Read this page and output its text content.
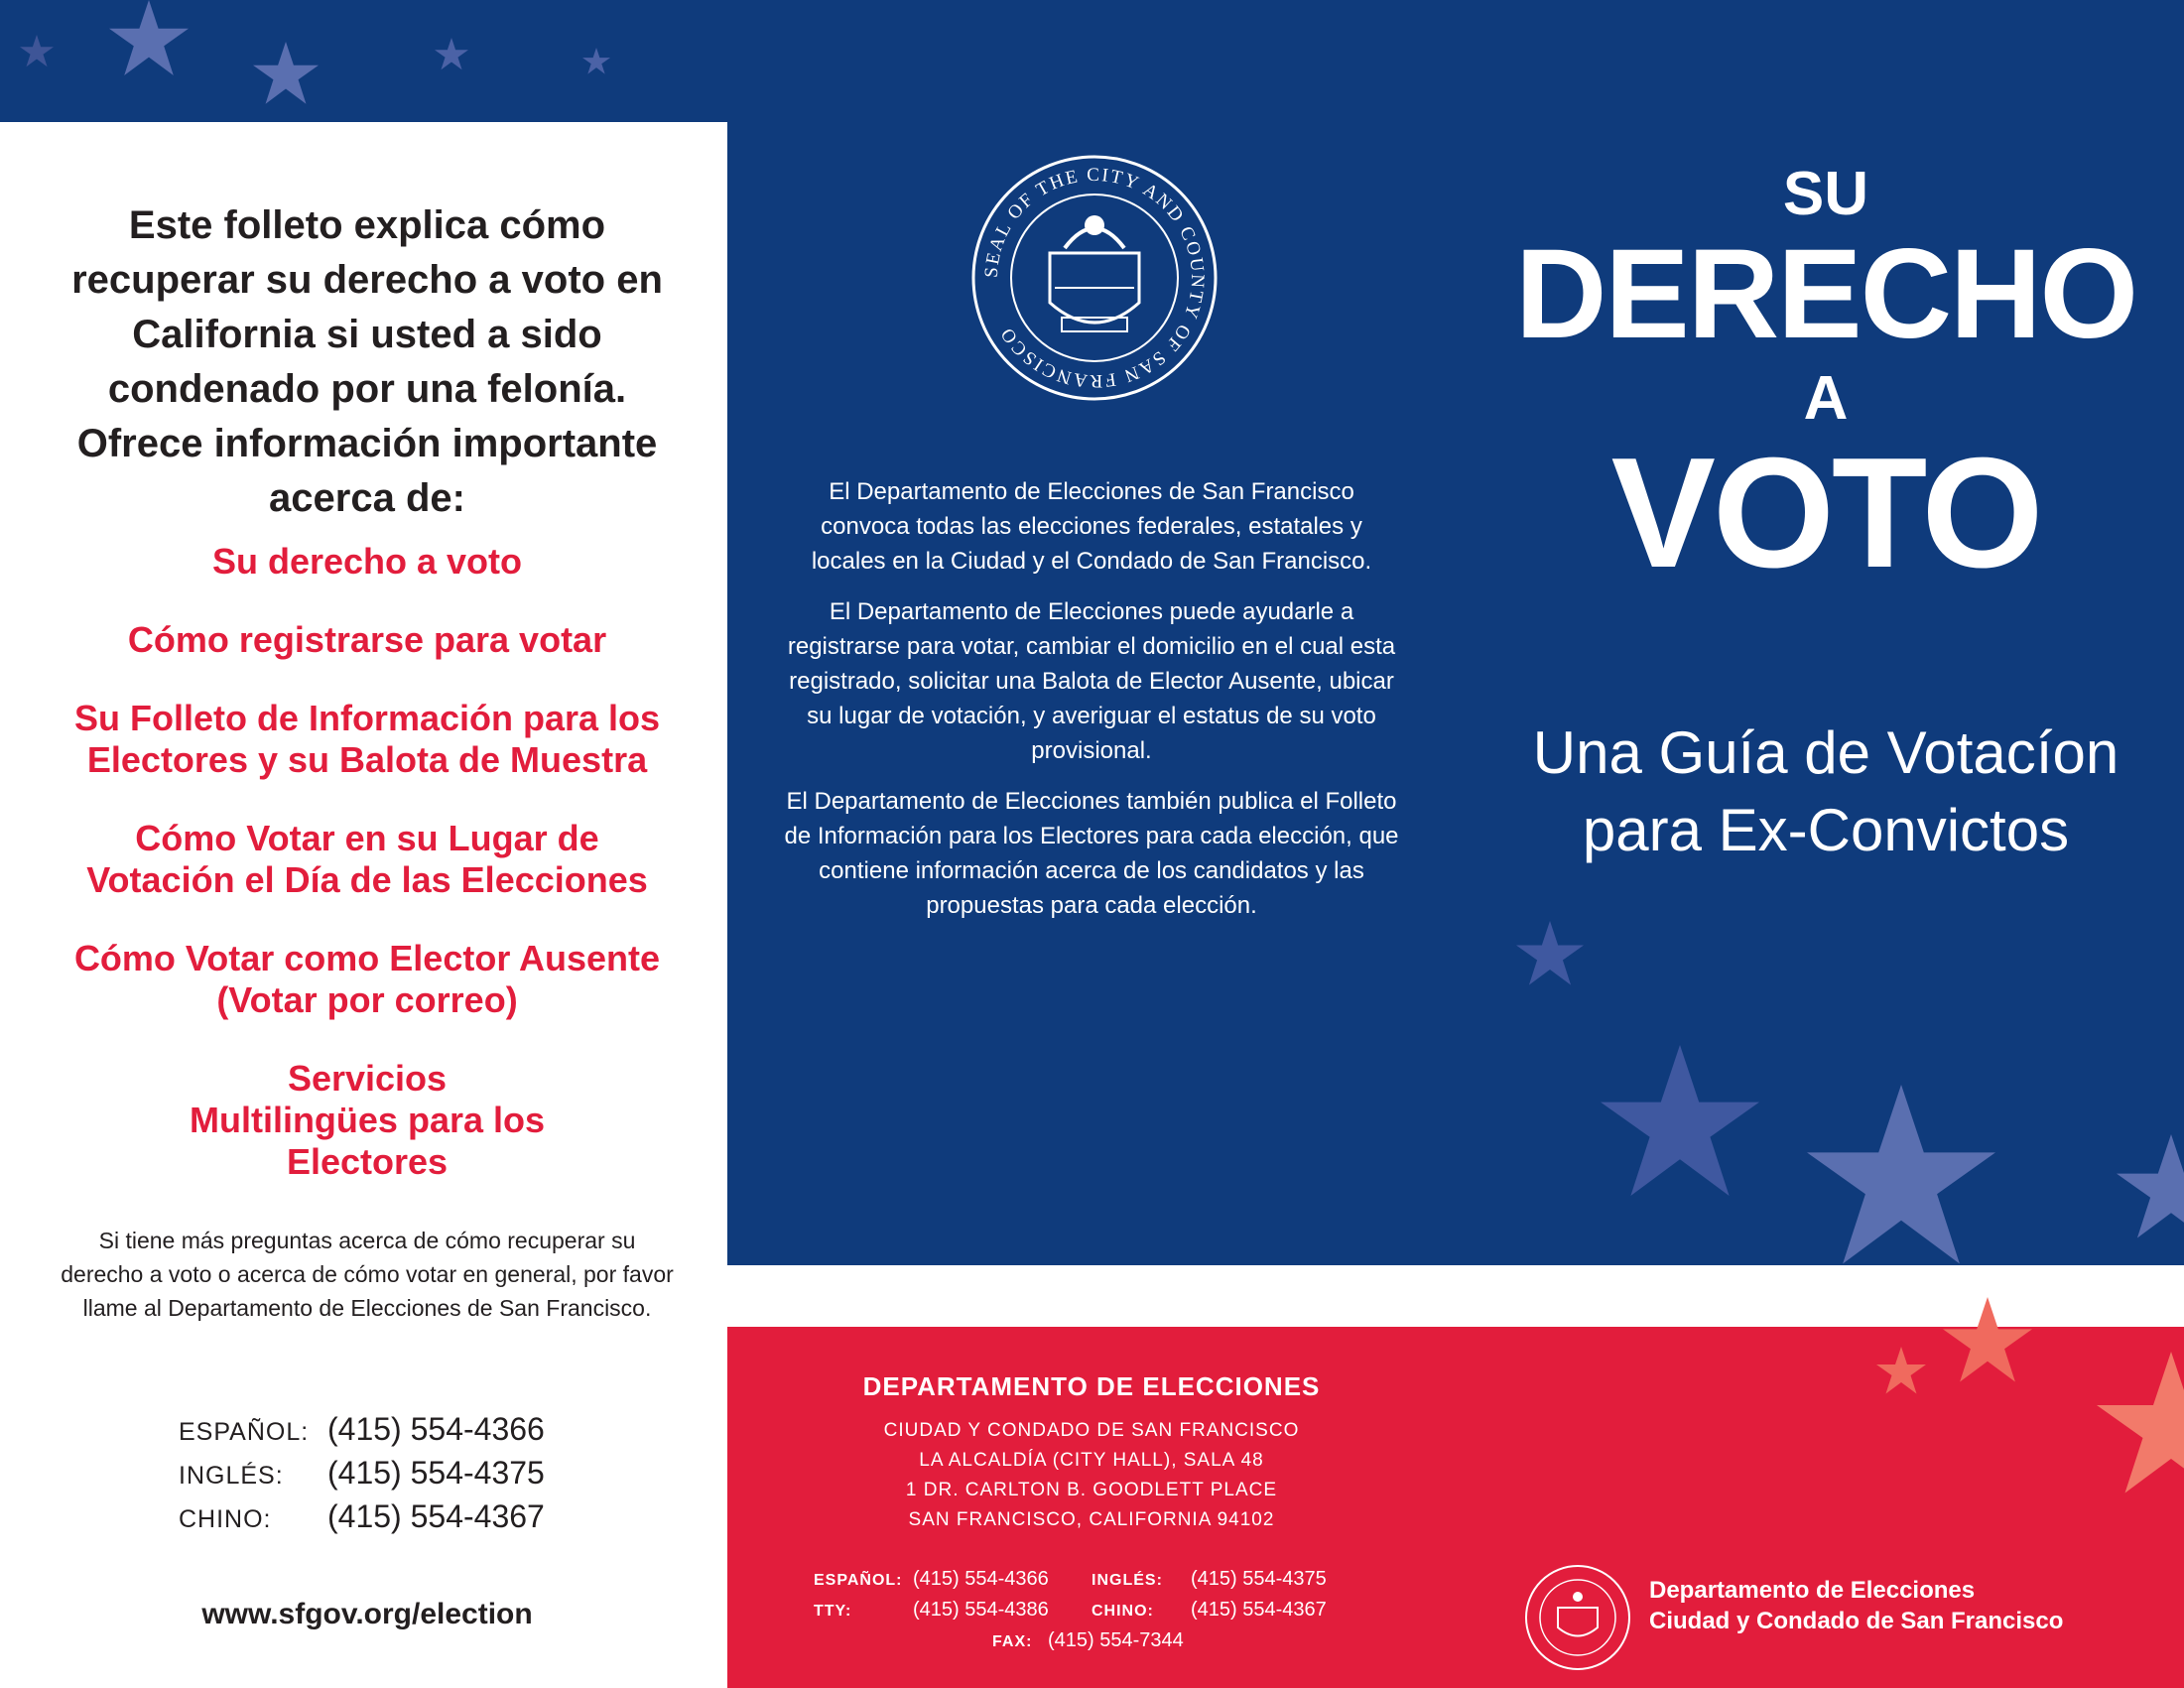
Este folleto explica cómo recuperar su derecho a voto en California si usted a sido condenado por una felonía. Ofrece información importante acerca de:
Su derecho a voto
Cómo registrarse para votar
Su Folleto de Información para los Electores y su Balota de Muestra
Cómo Votar en su Lugar de Votación el Día de las Elecciones
Cómo Votar como Elector Ausente (Votar por correo)
Servicios Multilingües para los Electores
Si tiene más preguntas acerca de cómo recuperar su derecho a voto o acerca de cómo votar en general, por favor llame al Departamento de Elecciones de San Francisco.
ESPAÑOL: (415) 554-4366
INGLÉS:	(415) 554-4375
CHINO:	(415) 554-4367
www.sfgov.org/election
SEAL OF THE CITY AND COUNTY OF SAN FRANCISCO

El Departamento de Elecciones de San Francisco convoca todas las elecciones federales, estatales y locales en la Ciudad y el Condado de San Francisco.

El Departamento de Elecciones puede ayudarle a registrarse para votar, cambiar el domicilio en el cual esta registrado, solicitar una Balota de Elector Ausente, ubicar su lugar de votación, y averiguar el estatus de su voto provisional.

El Departamento de Elecciones también publica el Folleto de Información para los Electores para cada elección, que contiene información acerca de los candidatos y las propuestas para cada elección.

SU
DERECHO
A
VOTO
Una Guía de Votacíon
para Ex-Convictos
DEPARTAMENTO DE ELECCIONES
CIUDAD Y CONDADO DE SAN FRANCISCO
LA ALCALDÍA (CITY HALL), SALA 48
1 DR. CARLTON B. GOODLETT PLACE
SAN FRANCISCO, CALIFORNIA 94102
ESPAÑOL: (415) 554-4366	INGLÉS:	(415) 554-4375
TTY:	(415) 554-4386	CHINO:	(415) 554-4367
FAX: (415) 554-7344
Departamento de Elecciones
Ciudad y Condado de San Francisco
